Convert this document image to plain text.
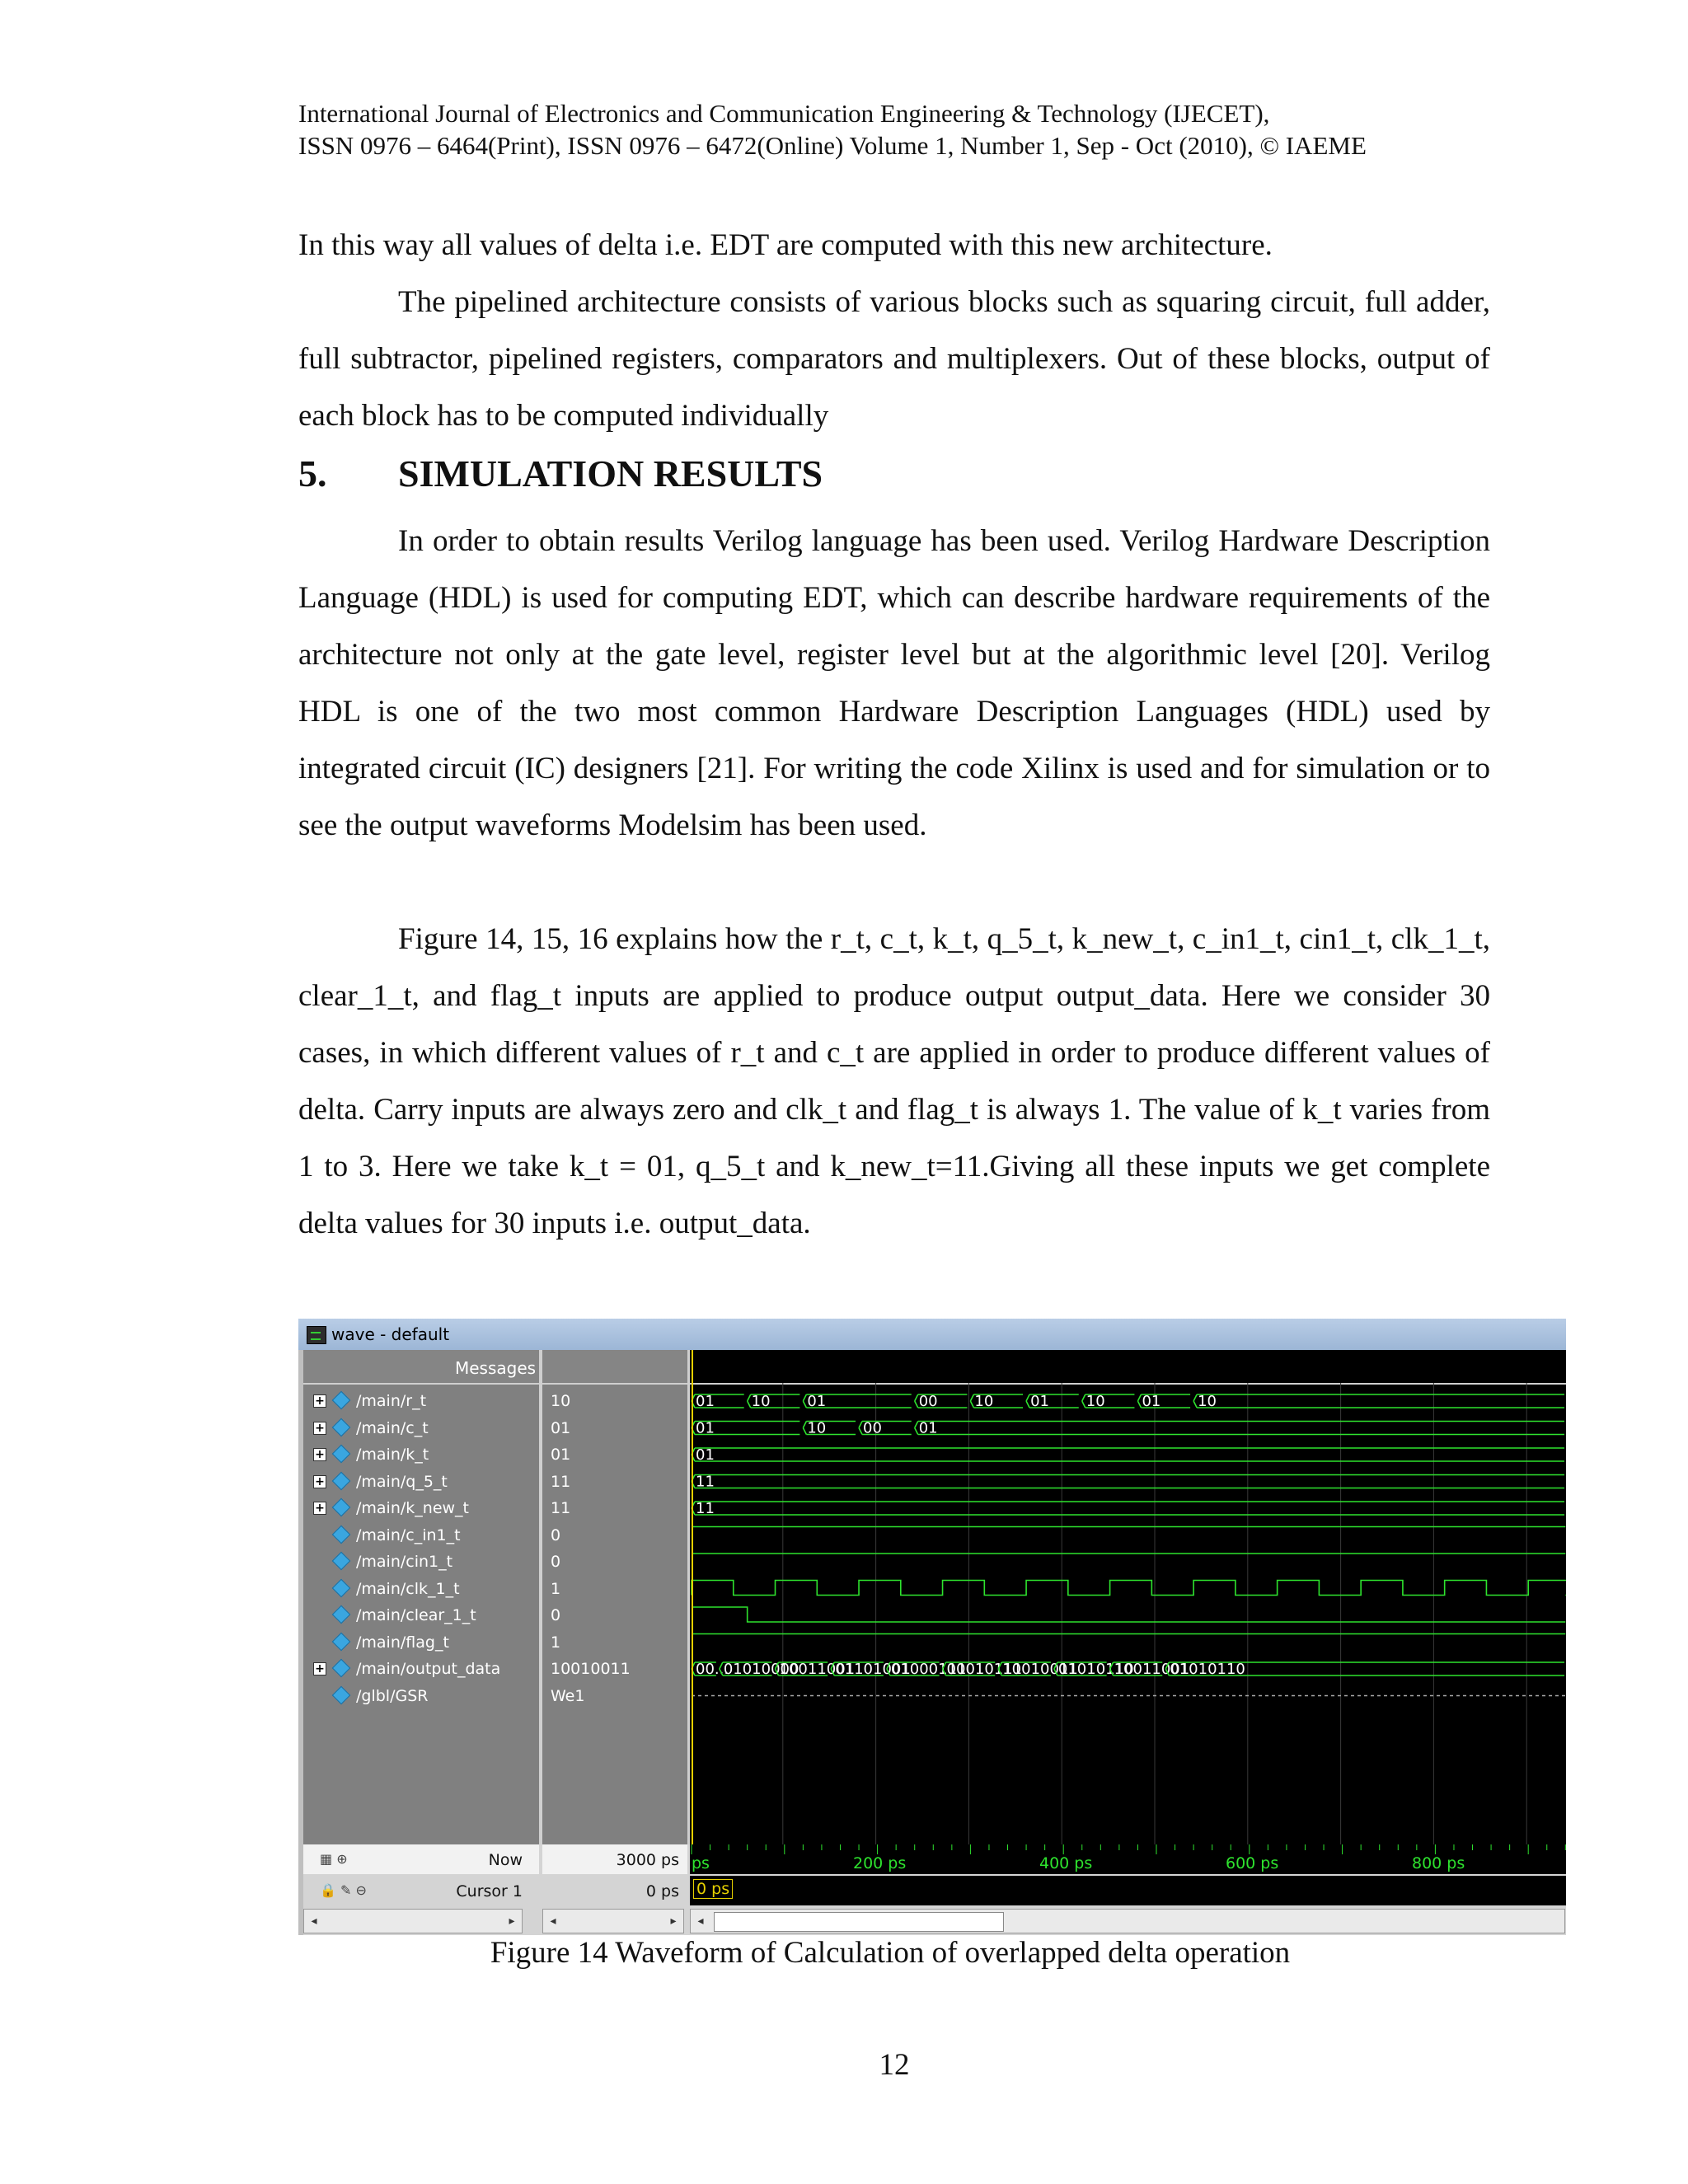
International Journal of Electronics and Communication Engineering & Technology (IJECET),
ISSN 0976 – 6464(Print), ISSN 0976 – 6472(Online) Volume 1, Number 1, Sep - Oct (2010), © IAEME
In this way all values of delta i.e. EDT are computed with this new architecture.
The pipelined architecture consists of various blocks such as squaring circuit, full adder, full subtractor, pipelined registers, comparators and multiplexers. Out of these blocks, output of each block has to be computed individually
5. SIMULATION RESULTS
In order to obtain results Verilog language has been used. Verilog Hardware Description Language (HDL) is used for computing EDT, which can describe hardware requirements of the architecture not only at the gate level, register level but at the algorithmic level [20]. Verilog HDL is one of the two most common Hardware Description Languages (HDL) used by integrated circuit (IC) designers [21]. For writing the code Xilinx is used and for simulation or to see the output waveforms Modelsim has been used.
Figure 14, 15, 16 explains how the r_t, c_t, k_t, q_5_t, k_new_t, c_in1_t, cin1_t, clk_1_t, clear_1_t, and flag_t inputs are applied to produce output output_data. Here we consider 30 cases, in which different values of r_t and c_t are applied in order to produce different values of delta. Carry inputs are always zero and clk_t and flag_t is always 1. The value of k_t varies from 1 to 3. Here we take k_t = 01, q_5_t and k_new_t=11.Giving all these inputs we get complete delta values for 30 inputs i.e. output_data.
wave - default
Messages
+ /main/r_t	10
+ /main/c_t	01
+ /main/k_t	01
+ /main/q_5_t	11
+ /main/k_new_t	11
/main/c_in1_t	0
/main/cin1_t	0
/main/clk_1_t	1
/main/clear_1_t	0
/main/flag_t	1
+ /main/output_data	10010011
/glbl/GSR	We1
01 10 01	00 10 01 10 01 10
01	10 00 01
01
11
11
00...
01010000
10011001
01101001
01000111
00010111
10010011
01010110
10011001
01010110
▦ ⊕	Now	3000 ps ps	200 ps	400 ps	600 ps	800 ps
🔒 ✎ ⊖	Cursor 1	0 ps 0 ps
◂	▸	◂	▸	◂
Figure 14 Waveform of Calculation of overlapped delta operation
12
